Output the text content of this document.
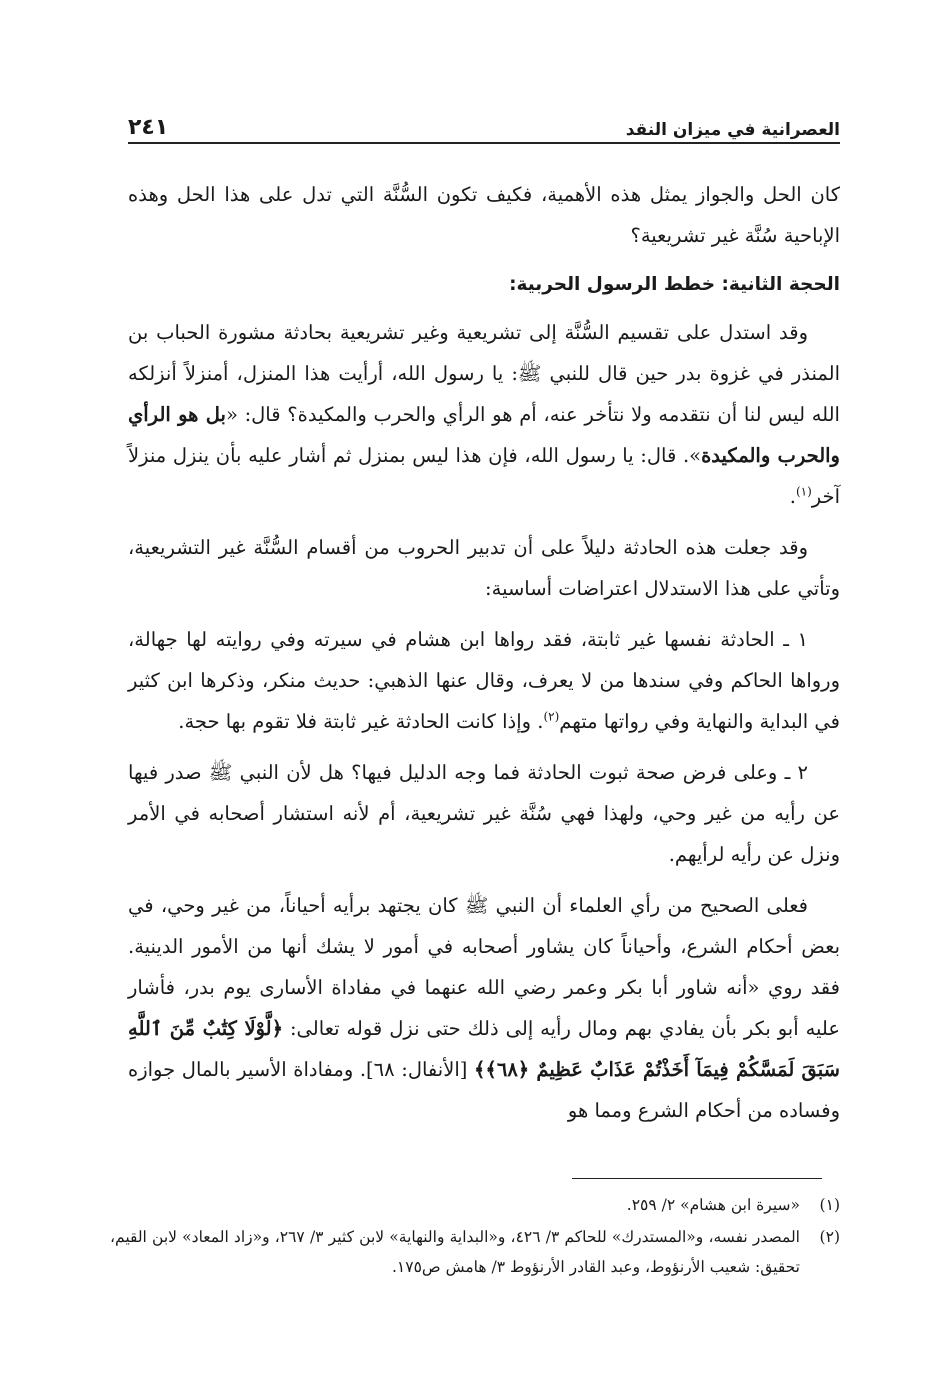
العصرانية في ميزان النقد
٢٤١

كان الحل والجواز يمثل هذه الأهمية، فكيف تكون السُّنَّة التي تدل على هذا الحل وهذه الإباحية سُنَّة غير تشريعية؟

الحجة الثانية: خطط الرسول الحربية:

وقد استدل على تقسيم السُّنَّة إلى تشريعية وغير تشريعية بحادثة مشورة الحباب بن المنذر في غزوة بدر حين قال للنبي ﷺ: يا رسول الله، أرأيت هذا المنزل، أمنزلاً أنزلكه الله ليس لنا أن نتقدمه ولا نتأخر عنه، أم هو الرأي والحرب والمكيدة؟ قال: «بل هو الرأي والحرب والمكيدة». قال: يا رسول الله، فإن هذا ليس بمنزل ثم أشار عليه بأن ينزل منزلاً آخر$^{(١)}$.

وقد جعلت هذه الحادثة دليلاً على أن تدبير الحروب من أقسام السُّنَّة غير التشريعية، وتأتي على هذا الاستدلال اعتراضات أساسية:

١ ـ الحادثة نفسها غير ثابتة، فقد رواها ابن هشام في سيرته وفي روايته لها جهالة، ورواها الحاكم وفي سندها من لا يعرف، وقال عنها الذهبي: حديث منكر، وذكرها ابن كثير في البداية والنهاية وفي رواتها متهم$^{(٢)}$. وإذا كانت الحادثة غير ثابتة فلا تقوم بها حجة.

٢ ـ وعلى فرض صحة ثبوت الحادثة فما وجه الدليل فيها؟ هل لأن النبي ﷺ صدر فيها عن رأيه من غير وحي، ولهذا فهي سُنَّة غير تشريعية، أم لأنه استشار أصحابه في الأمر ونزل عن رأيه لرأيهم.

فعلى الصحيح من رأي العلماء أن النبي ﷺ كان يجتهد برأيه أحياناً، من غير وحي، في بعض أحكام الشرع، وأحياناً كان يشاور أصحابه في أمور لا يشك أنها من الأمور الدينية. فقد روي «أنه شاور أبا بكر وعمر رضي الله عنهما في مفاداة الأسارى يوم بدر، فأشار عليه أبو بكر بأن يفادي بهم ومال رأيه إلى ذلك حتى نزل قوله تعالى: ﴿لَّوْلَا كِتَٰبٌ مِّنَ ٱللَّهِ سَبَقَ لَمَسَّكُمْ فِيمَآ أَخَذْتُمْ عَذَابٌ عَظِيمٌ ﴿٦٨﴾﴾ [الأنفال: ٦٨]. ومفاداة الأسير بالمال جوازه وفساده من أحكام الشرع ومما هو

(١)
«سيرة ابن هشام» ٢/ ٢٥٩.
(٢)
المصدر نفسه، و«المستدرك» للحاكم ٣/ ٤٢٦، و«البداية والنهاية» لابن كثير ٣/ ٢٦٧، و«زاد المعاد» لابن القيم، تحقيق: شعيب الأرنؤوط، وعبد القادر الأرنؤوط ٣/ هامش ص١٧٥.
